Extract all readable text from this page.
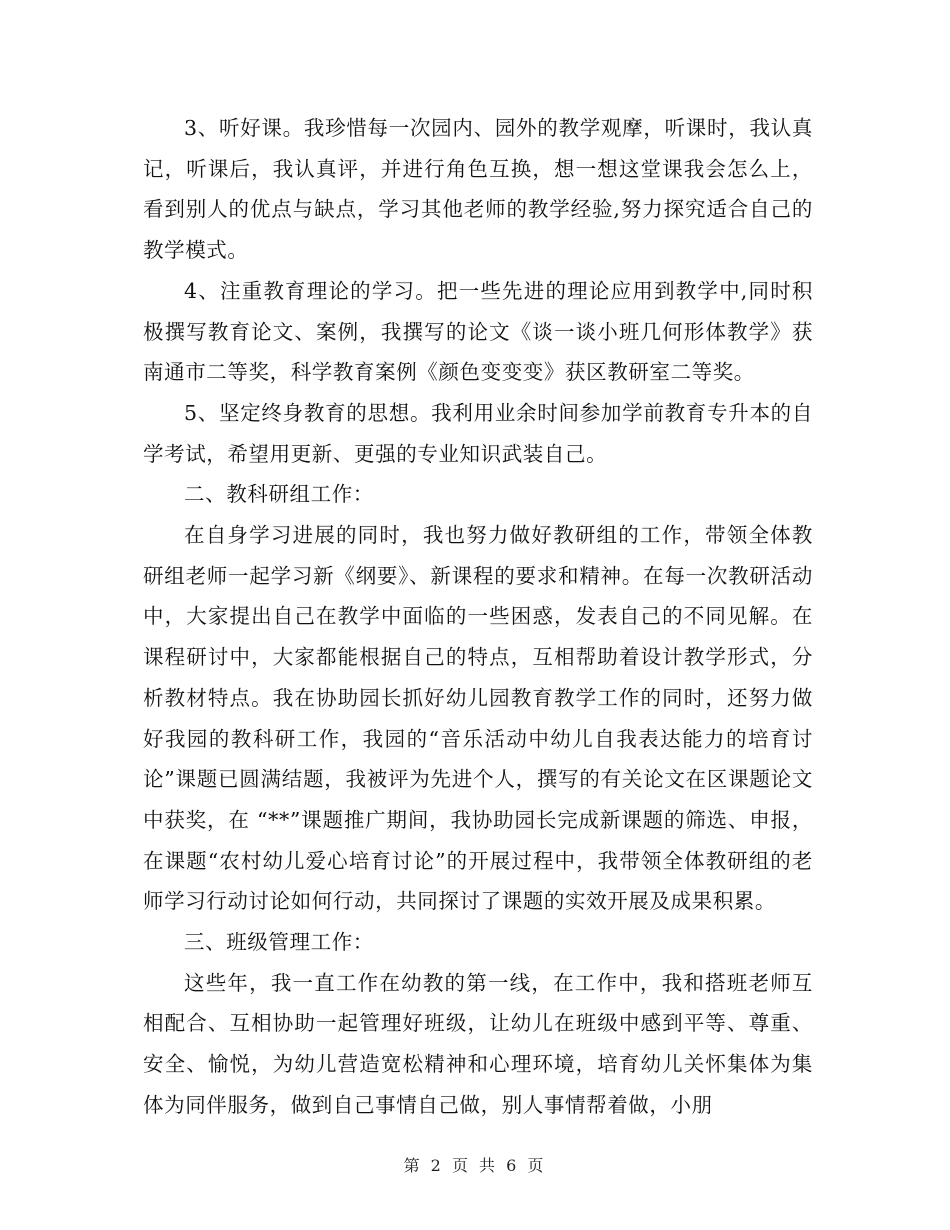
3、听好课。我珍惜每一次园内、园外的教学观摩，听课时，我认真记，听课后，我认真评，并进行角色互换，想一想这堂课我会怎么上，看到别人的优点与缺点，学习其他老师的教学经验,努力探究适合自己的教学模式。

4、注重教育理论的学习。把一些先进的理论应用到教学中,同时积极撰写教育论文、案例，我撰写的论文《谈一谈小班几何形体教学》获南通市二等奖，科学教育案例《颜色变变变》获区教研室二等奖。

5、坚定终身教育的思想。我利用业余时间参加学前教育专升本的自学考试，希望用更新、更强的专业知识武装自己。

二、教科研组工作：

在自身学习进展的同时，我也努力做好教研组的工作，带领全体教研组老师一起学习新《纲要》、新课程的要求和精神。在每一次教研活动中，大家提出自己在教学中面临的一些困惑，发表自己的不同见解。在课程研讨中，大家都能根据自己的特点，互相帮助着设计教学形式，分析教材特点。我在协助园长抓好幼儿园教育教学工作的同时，还努力做好我园的教科研工作，我园的“音乐活动中幼儿自我表达能力的培育讨论”课题已圆满结题，我被评为先进个人，撰写的有关论文在区课题论文中获奖，在 “**”课题推广期间，我协助园长完成新课题的筛选、申报，在课题“农村幼儿爱心培育讨论”的开展过程中，我带领全体教研组的老师学习行动讨论如何行动，共同探讨了课题的实效开展及成果积累。

三、班级管理工作：

这些年，我一直工作在幼教的第一线，在工作中，我和搭班老师互相配合、互相协助一起管理好班级，让幼儿在班级中感到平等、尊重、安全、愉悦，为幼儿营造宽松精神和心理环境，培育幼儿关怀集体为集体为同伴服务，做到自己事情自己做，别人事情帮着做，小朋

第 2 页 共 6 页
